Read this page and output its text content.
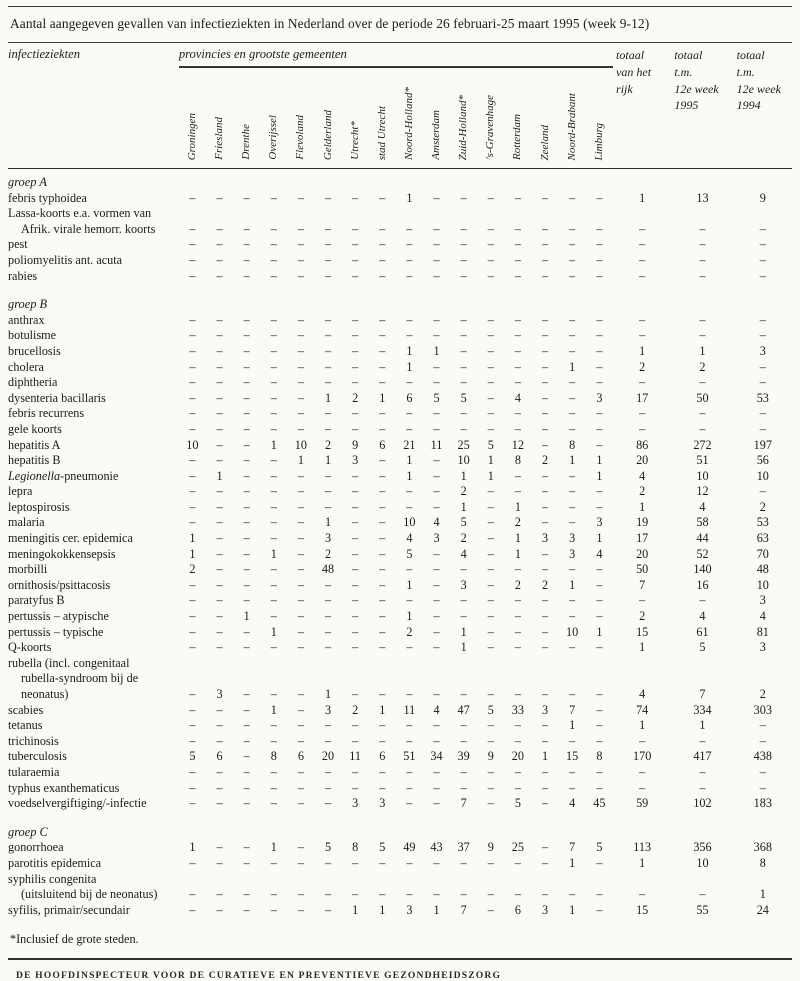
Aantal aangegeven gevallen van infectieziekten in Nederland over de periode 26 februari-25 maart 1995 (week 9-12)
infectieziekten	provincies en grootste gemeenten	totaal
van het
rijk

totaal
t.m.
12e week
1995

totaal
t.m.
12e week
1994

	Groningen	Friesland	Drenthe	Overijssel	Flevoland	Gelderland	Utrecht*	stad Utrecht	Noord-Holland*	Amsterdam	Zuid-Holland*	's-Gravenhage	Rotterdam	Zeeland	Noord-Brabant	Limburg			
groep A																			

febris typhoidea	–	–	–	–	–	–	–	–	1	–	–	–	–	–	–	–	1	13	9

Lassa-koorts e.a. vormen van
Afrik. virale hemorr. koorts	–	–	–	–	–	–	–	–	–	–	–	–	–	–	–	–	–	–	–

pest	–	–	–	–	–	–	–	–	–	–	–	–	–	–	–	–	–	–	–

poliomyelitis ant. acuta	–	–	–	–	–	–	–	–	–	–	–	–	–	–	–	–	–	–	–

rabies	–	–	–	–	–	–	–	–	–	–	–	–	–	–	–	–	–	–	–
groep B																			

anthrax	–	–	–	–	–	–	–	–	–	–	–	–	–	–	–	–	–	–	–

botulisme	–	–	–	–	–	–	–	–	–	–	–	–	–	–	–	–	–	–	–

brucellosis	–	–	–	–	–	–	–	–	1	1	–	–	–	–	–	–	1	1	3

cholera	–	–	–	–	–	–	–	–	1	–	–	–	–	–	1	–	2	2	–

diphtheria	–	–	–	–	–	–	–	–	–	–	–	–	–	–	–	–	–	–	–

dysenteria bacillaris	–	–	–	–	–	1	2	1	6	5	5	–	4	–	–	3	17	50	53

febris recurrens	–	–	–	–	–	–	–	–	–	–	–	–	–	–	–	–	–	–	–

gele koorts	–	–	–	–	–	–	–	–	–	–	–	–	–	–	–	–	–	–	–

hepatitis A	10	–	–	1	10	2	9	6	21	11	25	5	12	–	8	–	86	272	197

hepatitis B	–	–	–	–	1	1	3	–	1	–	10	1	8	2	1	1	20	51	56

Legionella-pneumonie	–	1	–	–	–	–	–	–	1	–	1	1	–	–	–	1	4	10	10

lepra	–	–	–	–	–	–	–	–	–	–	2	–	–	–	–	–	2	12	–

leptospirosis	–	–	–	–	–	–	–	–	–	–	1	–	1	–	–	–	1	4	2

malaria	–	–	–	–	–	1	–	–	10	4	5	–	2	–	–	3	19	58	53

meningitis cer. epidemica	1	–	–	–	–	3	–	–	4	3	2	–	1	3	3	1	17	44	63

meningokokkensepsis	1	–	–	1	–	2	–	–	5	–	4	–	1	–	3	4	20	52	70

morbilli	2	–	–	–	–	48	–	–	–	–	–	–	–	–	–	–	50	140	48

ornithosis/psittacosis	–	–	–	–	–	–	–	–	1	–	3	–	2	2	1	–	7	16	10

paratyfus B	–	–	–	–	–	–	–	–	–	–	–	–	–	–	–	–	–	–	3

pertussis – atypische	–	–	1	–	–	–	–	–	1	–	–	–	–	–	–	–	2	4	4

pertussis – typische	–	–	–	1	–	–	–	–	2	–	1	–	–	–	10	1	15	61	81

Q-koorts	–	–	–	–	–	–	–	–	–	–	1	–	–	–	–	–	1	5	3

rubella (incl. congenitaal
rubella-syndroom bij de
neonatus)	–	3	–	–	–	1	–	–	–	–	–	–	–	–	–	–	4	7	2

scabies	–	–	–	1	–	3	2	1	11	4	47	5	33	3	7	–	74	334	303

tetanus	–	–	–	–	–	–	–	–	–	–	–	–	–	–	1	–	1	1	–

trichinosis	–	–	–	–	–	–	–	–	–	–	–	–	–	–	–	–	–	–	–

tuberculosis	5	6	–	8	6	20	11	6	51	34	39	9	20	1	15	8	170	417	438

tularaemia	–	–	–	–	–	–	–	–	–	–	–	–	–	–	–	–	–	–	–

typhus exanthematicus	–	–	–	–	–	–	–	–	–	–	–	–	–	–	–	–	–	–	–

voedselvergiftiging/-infectie	–	–	–	–	–	–	3	3	–	–	7	–	5	–	4	45	59	102	183
groep C																			

gonorrhoea	1	–	–	1	–	5	8	5	49	43	37	9	25	–	7	5	113	356	368

parotitis epidemica	–	–	–	–	–	–	–	–	–	–	–	–	–	–	1	–	1	10	8

syphilis congenita
(uitsluitend bij de neonatus)	–	–	–	–	–	–	–	–	–	–	–	–	–	–	–	–	–	–	1

syfilis, primair/secundair	–	–	–	–	–	–	1	1	3	1	7	–	6	3	1	–	15	55	24
*Inclusief de grote steden.
DE HOOFDINSPECTEUR VOOR DE CURATIEVE EN PREVENTIEVE GEZONDHEIDSZORG
